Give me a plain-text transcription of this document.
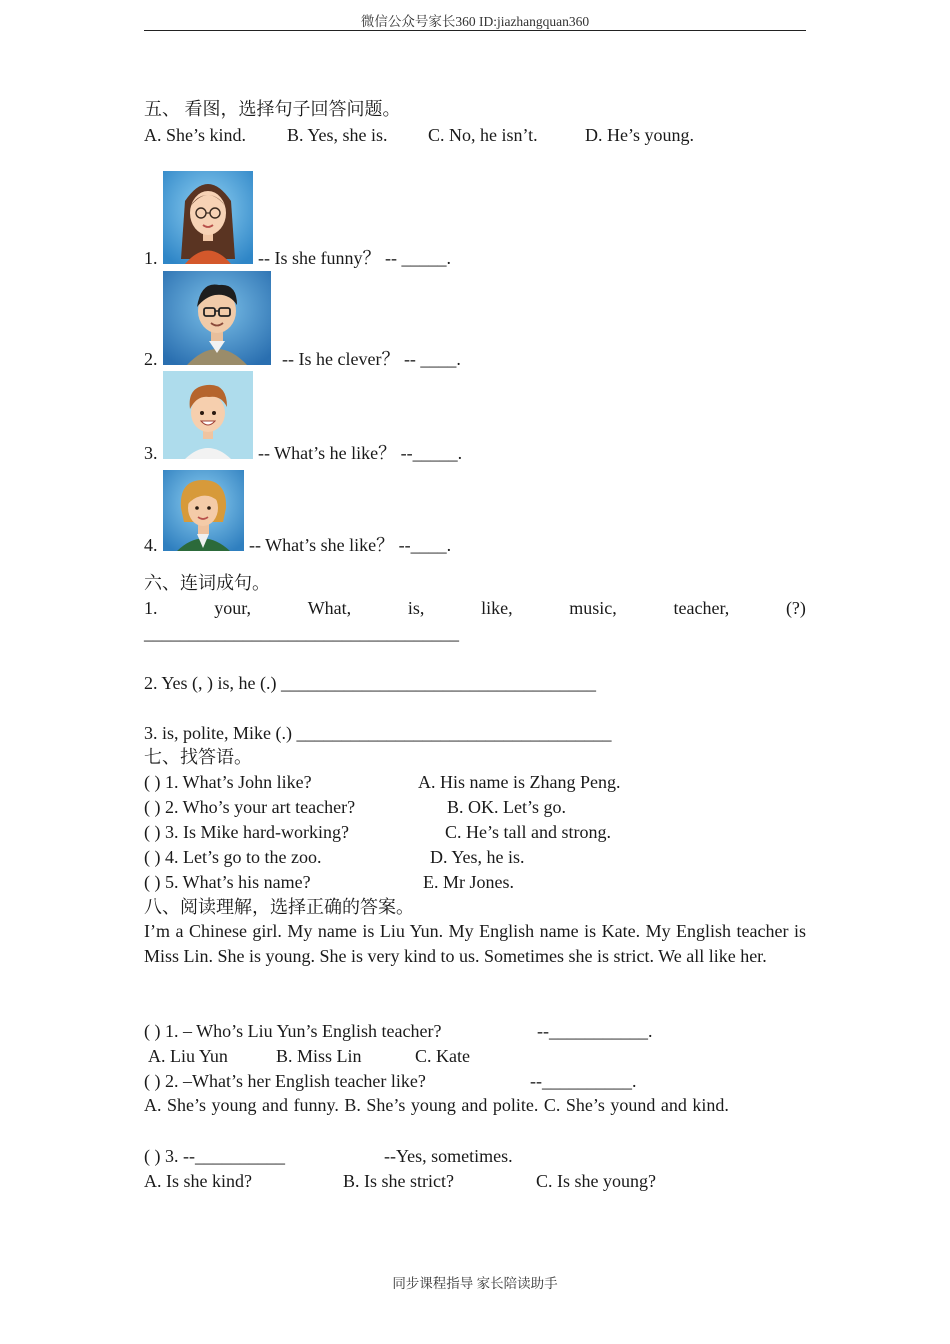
微信公众号家长360 ID:jiazhangquan360
五、 看图，选择句子回答问题。
A. She’s kind. B. Yes, she is. C. No, he isn’t.	D. He’s young.
1.	-- Is she funny？ -- _____.
2.	-- Is he clever？ -- ____.
3.	-- What’s he like？ --_____.
4.	-- What’s she like？ --____.
六、连词成句。
1.	your,	What,	is,	like,	music,	teacher,	(?)
___________________________________
2. Yes (, ) is, he (.) ___________________________________
3. is, polite, Mike (.) ___________________________________
七、找答语。
( ) 1. What’s John like?	A. His name is Zhang Peng.
( ) 2. Who’s your art teacher?	B. OK. Let’s go.
( ) 3. Is Mike hard-working?	C. He’s tall and strong.
( ) 4. Let’s go to the zoo.	D. Yes, he is.
( ) 5. What’s his name?	E. Mr Jones.
八、阅读理解，选择正确的答案。
I’m a Chinese girl. My name is Liu Yun. My English name is Kate. My English teacher is Miss Lin. She is young. She is very kind to us. Sometimes she is strict. We all like her.
( ) 1. – Who’s Liu Yun’s English teacher?	--___________.
A. Liu Yun	B. Miss Lin	C. Kate
( ) 2. –What’s her English teacher like?	--__________.
A. She’s young and funny. B. She’s young and polite. C. She’s yound and kind.
( ) 3. --__________	--Yes, sometimes.
A. Is she kind?	B. Is she strict?	C. Is she young?
同步课程指导 家长陪读助手
